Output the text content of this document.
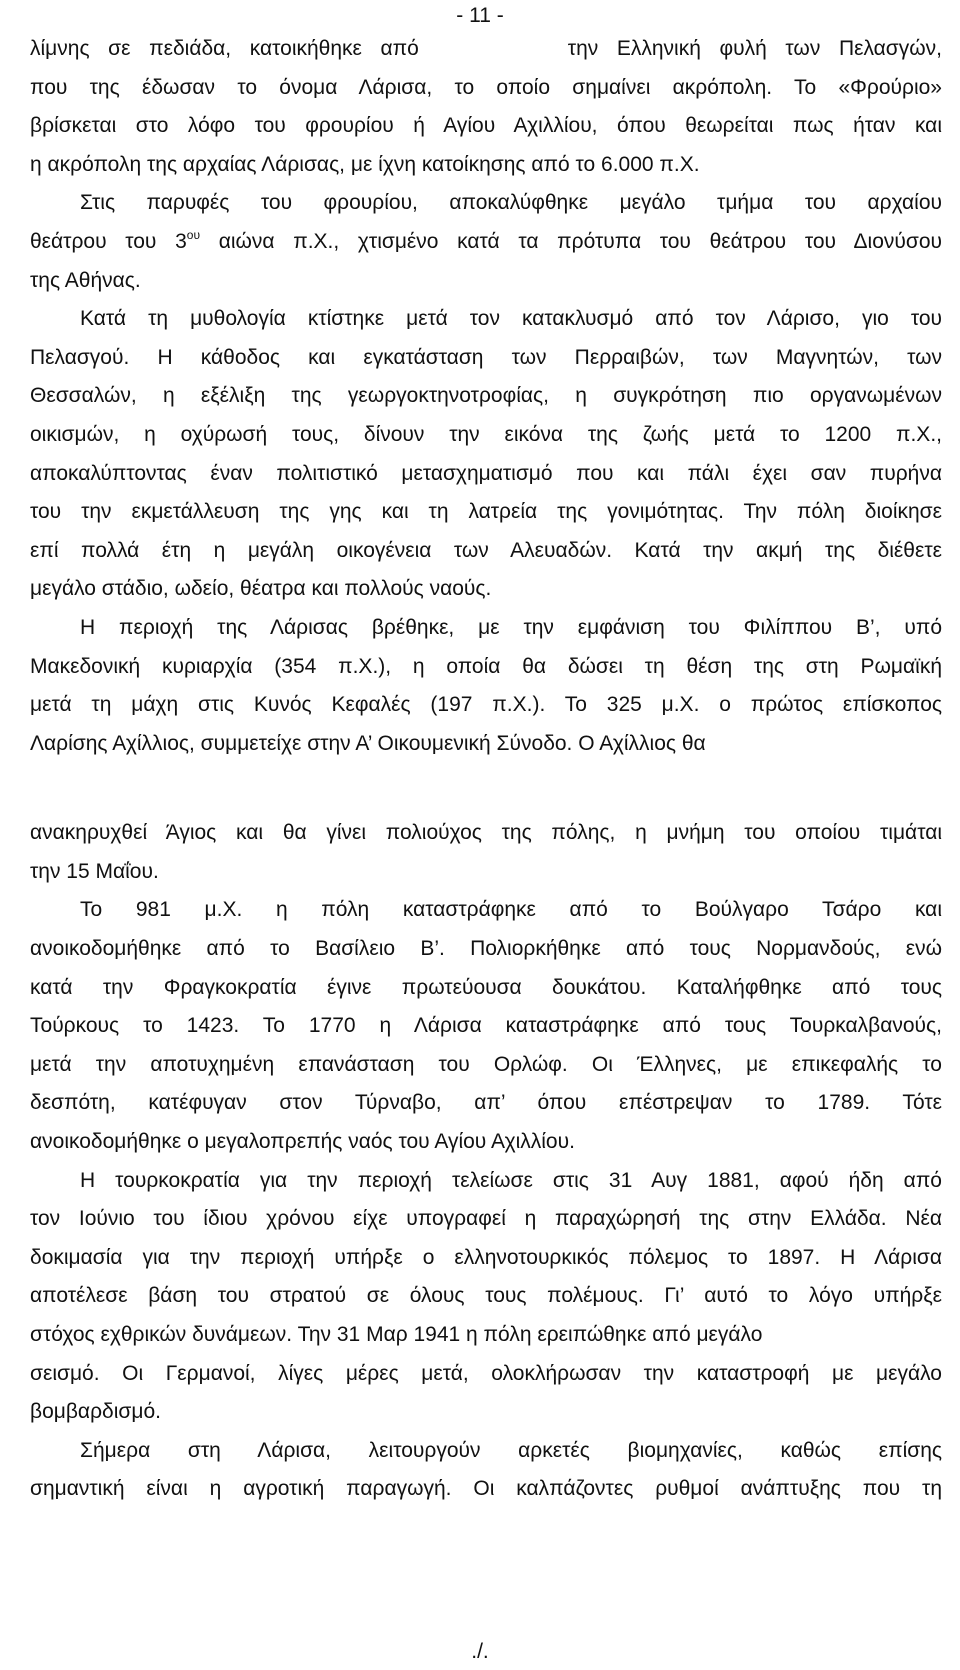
- 11 -
λίμνης σε πεδιάδα, κατοικήθηκε από        την Ελληνική φυλή των Πελασγών,
που της έδωσαν το όνομα Λάρισα, το οποίο σημαίνει ακρόπολη. Το «Φρούριο»
βρίσκεται στο λόφο του φρουρίου ή Αγίου Αχιλλίου, όπου θεωρείται πως ήταν και
η ακρόπολη της αρχαίας Λάρισας, με ίχνη κατοίκησης από το 6.000 π.Χ.
Στις παρυφές του φρουρίου, αποκαλύφθηκε μεγάλο τμήμα του αρχαίου
θεάτρου του $3^{o\upsilon}$ αιώνα π.Χ., χτισμένο κατά τα πρότυπα του θεάτρου του Διονύσου
της Αθήνας.
Κατά τη μυθολογία κτίστηκε μετά τον κατακλυσμό από τον Λάρισο, γιο του
Πελασγού. Η κάθοδος και εγκατάσταση των Περραιβών, των Μαγνητών, των
Θεσσαλών, η εξέλιξη της γεωργοκτηνοτροφίας, η συγκρότηση πιο οργανωμένων
οικισμών, η οχύρωσή τους, δίνουν την εικόνα της ζωής μετά το 1200 π.Χ.,
αποκαλύπτοντας έναν πολιτιστικό μετασχηματισμό που και πάλι έχει σαν πυρήνα
του την εκμετάλλευση της γης και τη λατρεία της γονιμότητας. Την πόλη διοίκησε
επί πολλά έτη η μεγάλη οικογένεια των Αλευαδών. Κατά την ακμή της διέθετε
μεγάλο στάδιο, ωδείο, θέατρα και πολλούς ναούς.
Η περιοχή της Λάρισας βρέθηκε, με την εμφάνιση του Φιλίππου Β’, υπό
Μακεδονική κυριαρχία (354 π.Χ.), η οποία θα δώσει τη θέση της στη Ρωμαϊκή
μετά τη μάχη στις Κυνός Κεφαλές (197 π.Χ.). Το 325 μ.Χ. ο πρώτος επίσκοπος
Λαρίσης Αχίλλιος, συμμετείχε στην Α’ Οικουμενική Σύνοδο. Ο Αχίλλιος θα
ανακηρυχθεί Άγιος και θα γίνει πολιούχος της πόλης, η μνήμη του οποίου τιμάται
την 15 Μαΐου.
Το 981 μ.Χ. η πόλη καταστράφηκε από το Βούλγαρο Τσάρο και
ανοικοδομήθηκε από το Βασίλειο Β’. Πολιορκήθηκε από τους Νορμανδούς, ενώ
κατά την Φραγκοκρατία έγινε πρωτεύουσα δουκάτου. Καταλήφθηκε από τους
Τούρκους το 1423. Το 1770 η Λάρισα καταστράφηκε από τους Τουρκαλβανούς,
μετά την αποτυχημένη επανάσταση του Ορλώφ. Οι Έλληνες, με επικεφαλής το
δεσπότη, κατέφυγαν στον Τύρναβο, απ’ όπου επέστρεψαν το 1789. Τότε
ανοικοδομήθηκε ο μεγαλοπρεπής ναός του Αγίου Αχιλλίου.
Η τουρκοκρατία για την περιοχή τελείωσε στις 31 Αυγ 1881, αφού ήδη από
τον Ιούνιο του ίδιου χρόνου είχε υπογραφεί η παραχώρησή της στην Ελλάδα. Νέα
δοκιμασία για την περιοχή υπήρξε ο ελληνοτουρκικός πόλεμος το 1897. Η Λάρισα
αποτέλεσε βάση του στρατού σε όλους τους πολέμους. Γι’ αυτό το λόγο υπήρξε
στόχος εχθρικών δυνάμεων. Την 31 Μαρ 1941 η πόλη ερειπώθηκε από μεγάλο
σεισμό. Οι Γερμανοί, λίγες μέρες μετά, ολοκλήρωσαν την καταστροφή με μεγάλο
βομβαρδισμό.
Σήμερα στη Λάρισα, λειτουργούν αρκετές βιομηχανίες, καθώς επίσης
σημαντική είναι η αγροτική παραγωγή. Οι καλπάζοντες ρυθμοί ανάπτυξης που τη
./.
